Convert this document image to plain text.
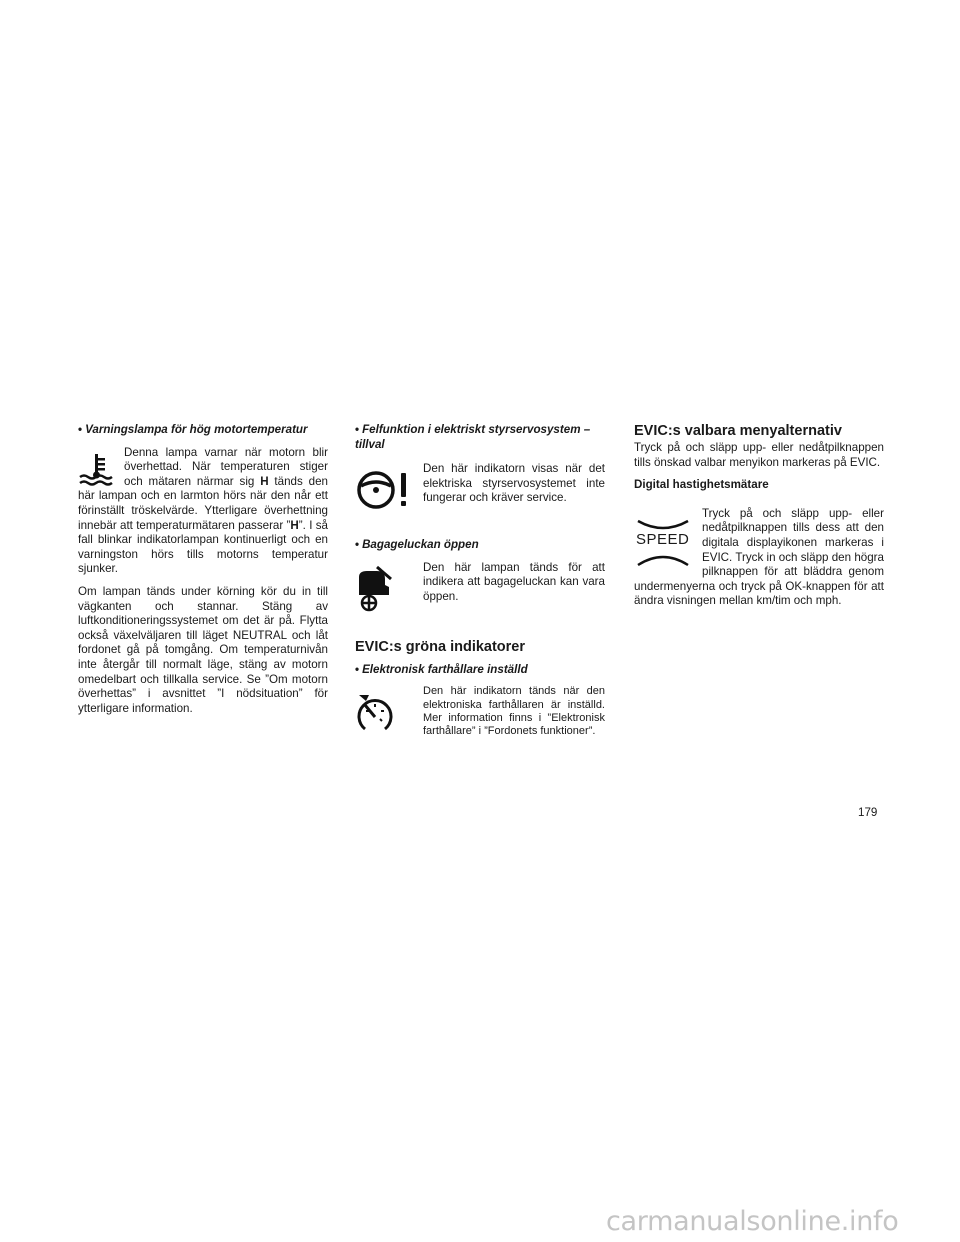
• Varningslampa för hög motortemperatur

Denna lampa varnar när motorn blir överhettad. När temperaturen stiger och mätaren närmar sig H tänds den här lampan och en larmton hörs när den når ett förinställt tröskelvärde. Ytterligare överhettning innebär att temperaturmätaren passerar ”H”. I så fall blinkar indikatorlampan kontinuerligt och en varningston hörs tills motorns temperatur sjunker.

Om lampan tänds under körning kör du in till vägkanten och stannar. Stäng av luftkonditioneringssystemet om det är på. Flytta också växelväljaren till läget NEUTRAL och låt fordonet gå på tomgång. Om temperaturnivån inte återgår till normalt läge, stäng av motorn omedelbart och tillkalla service. Se ”Om motorn överhettas” i avsnittet ”I nödsituation” för ytterligare information.

• Felfunktion i elektriskt styrservosystem – tillval

Den här indikatorn visas när det elektriska styrservosystemet inte fungerar och kräver service.

• Bagageluckan öppen

Den här lampan tänds för att indikera att bagageluckan kan vara öppen.

EVIC:s gröna indikatorer

• Elektronisk farthållare inställd

Den här indikatorn tänds när den elektroniska farthållaren är inställd. Mer information finns i ”Elektronisk farthållare” i ”Fordonets funktioner”.

EVIC:s valbara menyalternativ

Tryck på och släpp upp- eller nedåtpilknappen tills önskad valbar menyikon markeras på EVIC.

Digital hastighetsmätare

SPEED

Tryck på och släpp upp- eller nedåtpilknappen tills dess att den digitala displayikonen markeras i EVIC. Tryck in och släpp den högra pilknappen för att bläddra genom undermenyerna och tryck på OK-knappen för att ändra visningen mellan km/tim och mph.

179
carmanualsonline.info
